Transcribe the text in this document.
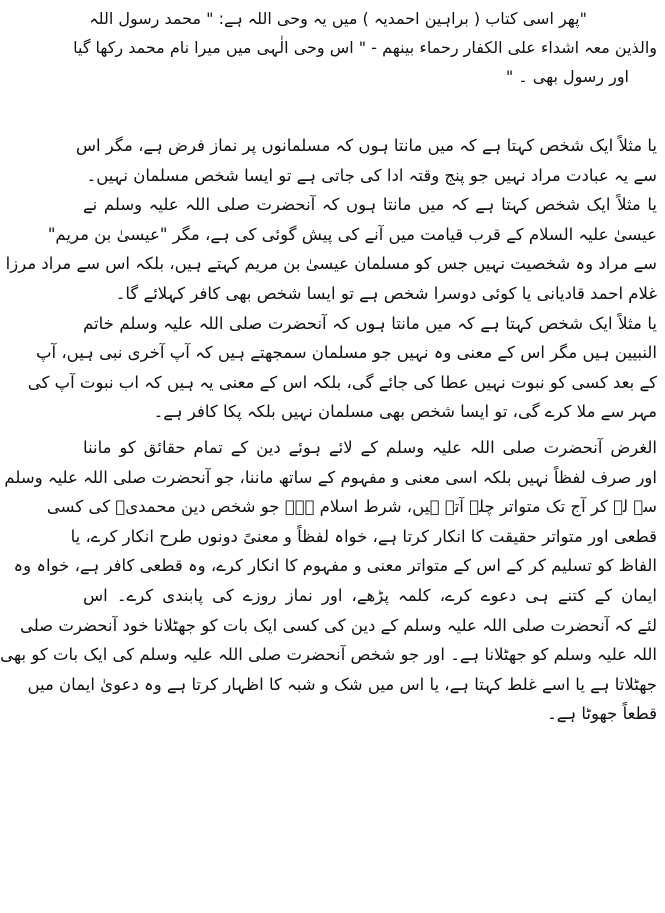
"پھر اسی کتاب ( براہین احمدیہ ) میں یہ وحی اللہ ہے: " محمد رسول اللہ
والذین معہ اشداء علی الکفار رحماء بینھم - " اس وحی الٰہی میں میرا نام محمد رکھا گیا
اور رسول بھی ۔ "
یا مثلاً ایک شخص کہتا ہے کہ میں مانتا ہوں کہ مسلمانوں پر نماز فرض ہے، مگر اس
سے یہ عبادت مراد نہیں جو پنج وقتہ ادا کی جاتی ہے تو ایسا شخص مسلمان نہیں۔
یا مثلاً ایک شخص کہتا ہے کہ میں مانتا ہوں کہ آنحضرت صلی اللہ علیہ وسلم نے
عیسیٰ علیہ السلام کے قرب قیامت میں آنے کی پیش گوئی کی ہے، مگر "عیسیٰ بن مریم"
سے مراد وہ شخصیت نہیں جس کو مسلمان عیسیٰ بن مریم کہتے ہیں، بلکہ اس سے مراد مرزا
غلام احمد قادیانی یا کوئی دوسرا شخص ہے تو ایسا شخص بھی کافر کہلائے گا۔
یا مثلاً ایک شخص کہتا ہے کہ میں مانتا ہوں کہ آنحضرت صلی اللہ علیہ وسلم خاتم
النبیین ہیں مگر اس کے معنی وہ نہیں جو مسلمان سمجھتے ہیں کہ آپ آخری نبی ہیں، آپ
کے بعد کسی کو نبوت نہیں عطا کی جائے گی، بلکہ اس کے معنی یہ ہیں کہ اب نبوت آپ کی
مہر سے ملا کرے گی، تو ایسا شخص بھی مسلمان نہیں بلکہ پکا کافر ہے۔
الغرض آنحضرت صلی اللہ علیہ وسلم کے لائے ہوئے دین کے تمام حقائق کو ماننا
اور صرف لفظاً نہیں بلکہ اسی معنی و مفہوم کے ساتھ ماننا، جو آنحضرت صلی اللہ علیہ وسلم
سے لے کر آج تک متواتر چلے آتے ہیں، شرط اسلام ہے۔ جو شخص دین محمدیؐ کی کسی
قطعی اور متواتر حقیقت کا انکار کرتا ہے، خواہ لفظاً و معنیً دونوں طرح انکار کرے، یا
الفاظ کو تسلیم کر کے اس کے متواتر معنی و مفہوم کا انکار کرے، وہ قطعی کافر ہے، خواہ وہ
ایمان کے کتنے ہی دعوے کرے، کلمہ پڑھے، اور نماز روزے کی پابندی کرے۔ اس
لئے کہ آنحضرت صلی اللہ علیہ وسلم کے دین کی کسی ایک بات کو جھٹلانا خود آنحضرت صلی
اللہ علیہ وسلم کو جھٹلانا ہے۔ اور جو شخص آنحضرت صلی اللہ علیہ وسلم کی ایک بات کو بھی
جھٹلاتا ہے یا اسے غلط کہتا ہے، یا اس میں شک و شبہ کا اظہار کرتا ہے وہ دعویٰ ایمان میں
قطعاً جھوٹا ہے۔
